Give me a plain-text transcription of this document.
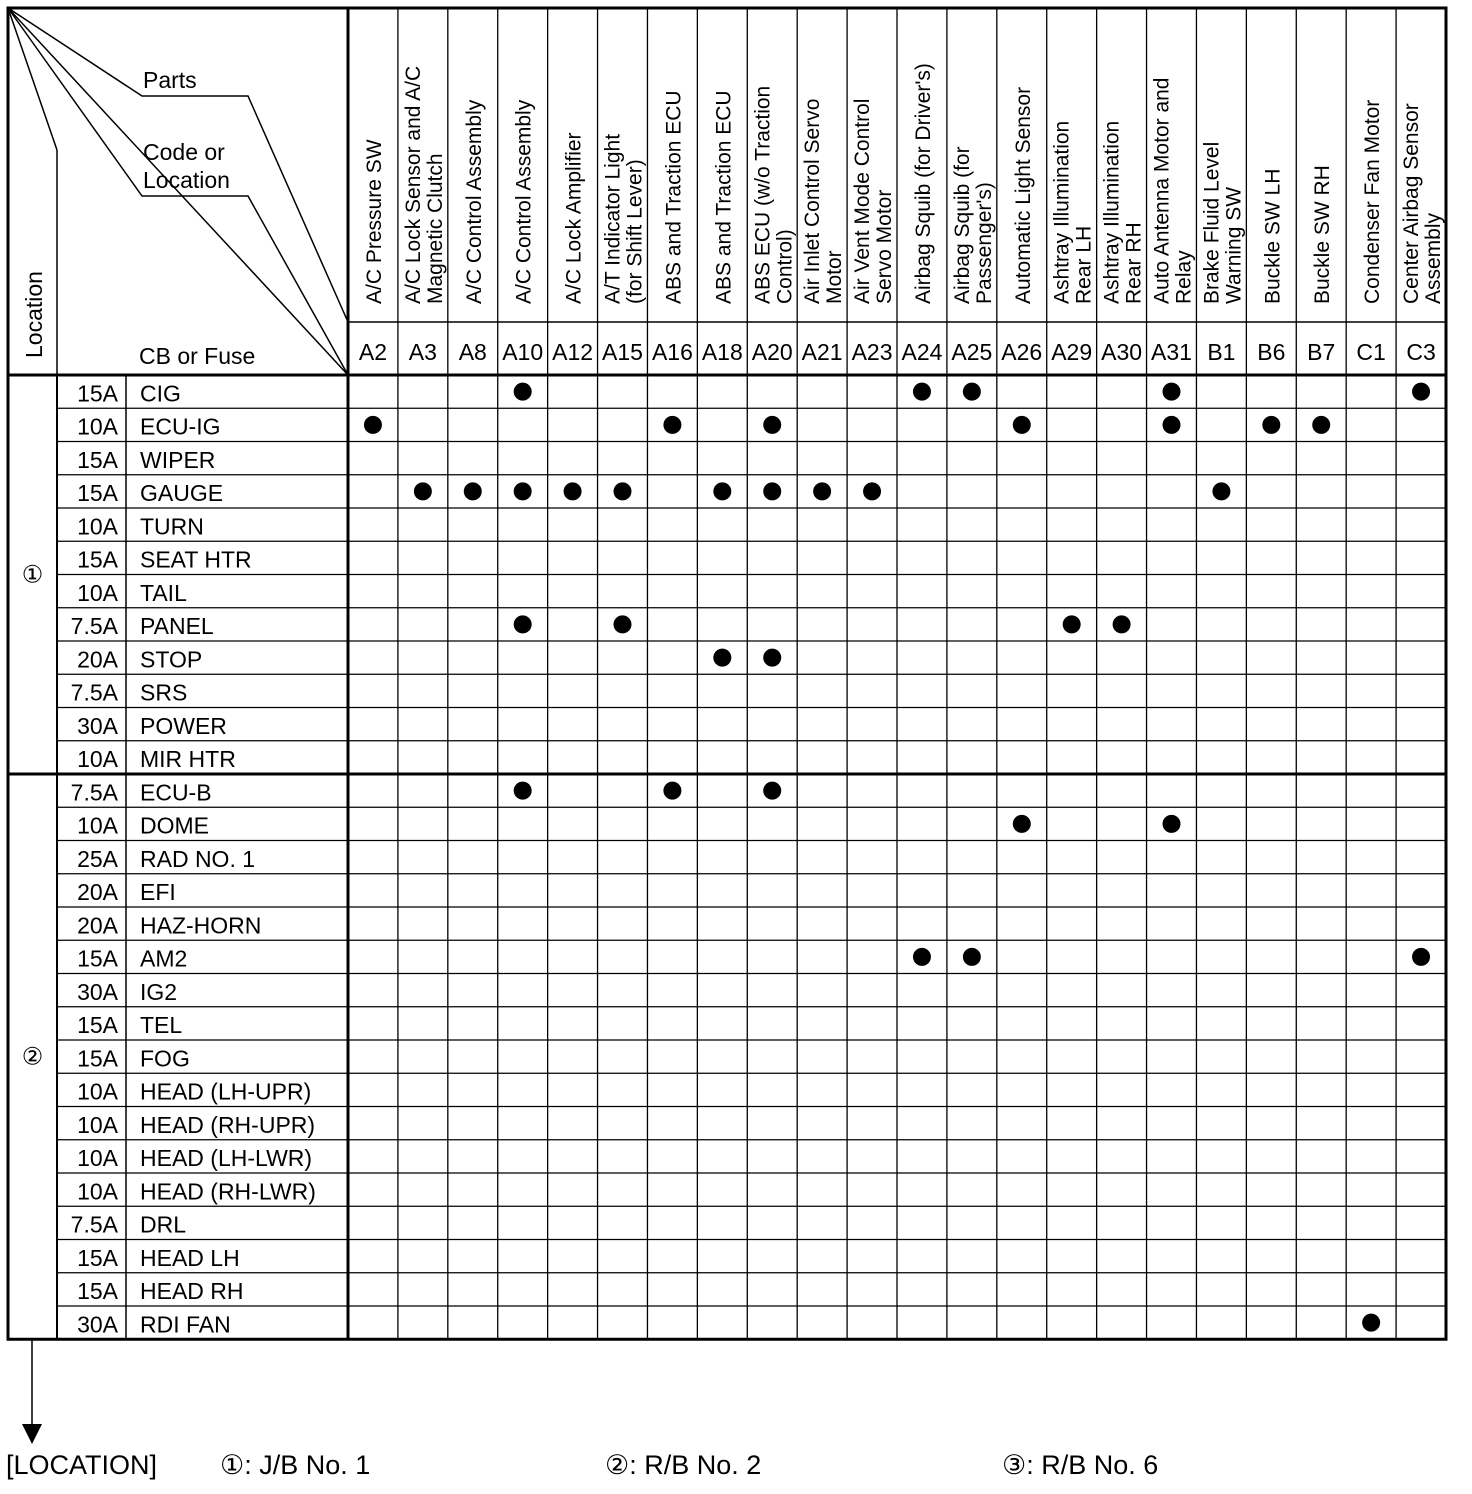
Parts
Code or
Location
CB or Fuse
Location
A/C Pressure SW
A2
A/C Lock Sensor and A/C Magnetic Clutch
A3
A/C Control Assembly
A8
A/C Control Assembly
A10
A/C Lock Amplifier
A12
A/T Indicator Light (for Shift Lever)
A15
ABS and Traction ECU
A16
ABS and Traction ECU
A18
ABS ECU (w/o Traction Control)
A20
Air Inlet Control Servo Motor
A21
Air Vent Mode Control Servo Motor
A23
Airbag Squib (for Driver's)
A24
Airbag Squib (for Passenger's)
A25
Automatic Light Sensor
A26
Ashtray Illumination Rear LH
A29
Ashtray Illumination Rear RH
A30
Auto Antenna Motor and Relay
A31
Brake Fluid Level Warning SW
B1
Buckle SW LH
B6
Buckle SW RH
B7
Condenser Fan Motor
C1
Center Airbag Sensor Assembly
C3
15A CIG
10A ECU-IG
15A WIPER
15A GAUGE
10A TURN
15A SEAT HTR
10A TAIL
7.5A PANEL
20A STOP
7.5A SRS
30A POWER
10A MIR HTR
7.5A ECU-B
10A DOME
25A RAD NO. 1
20A EFI
20A HAZ-HORN
15A AM2
30A IG2
15A TEL
15A FOG
10A HEAD (LH-UPR)
10A HEAD (RH-UPR)
10A HEAD (LH-LWR)
10A HEAD (RH-LWR)
7.5A DRL
15A HEAD LH
15A HEAD RH
30A RDI FAN
①
②
[LOCATION] ①: J/B No. 1	②: R/B No. 2	③: R/B No. 6
